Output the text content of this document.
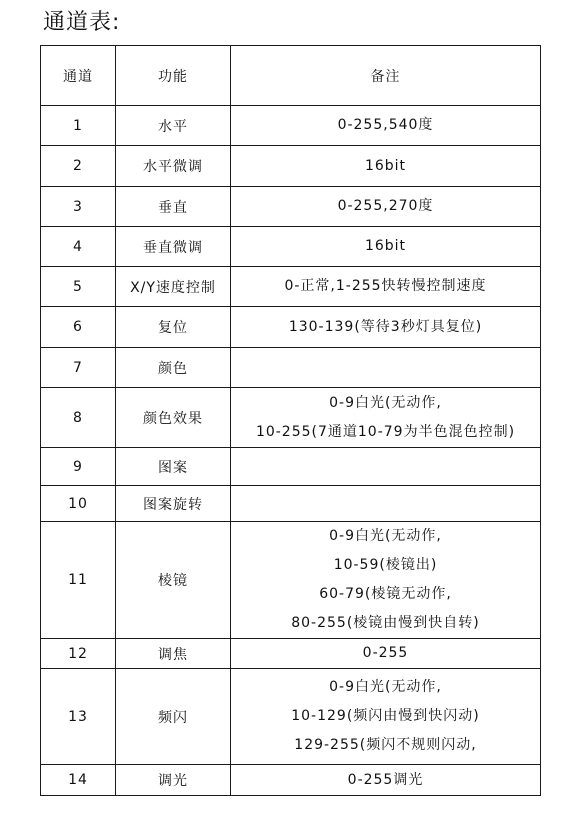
通道表:
通道	功能	备注
1	水平	0-255,540度

2	水平微调	16bit

3	垂直	0-255,270度

4	垂直微调	16bit

5	X/Y速度控制	0-正常,1-255快转慢控制速度

6	复位	130-139(等待3秒灯具复位)

7	颜色	

8	颜色效果	0-9白光(无动作,
10-255(7通道10-79为半色混色控制)

9	图案	

10	图案旋转	

11	棱镜	0-9白光(无动作,
10-59(棱镜出)
60-79(棱镜无动作,
80-255(棱镜由慢到快自转)

12	调焦	0-255

13	频闪	0-9白光(无动作,
10-129(频闪由慢到快闪动)
129-255(频闪不规则闪动,

14	调光	0-255调光
